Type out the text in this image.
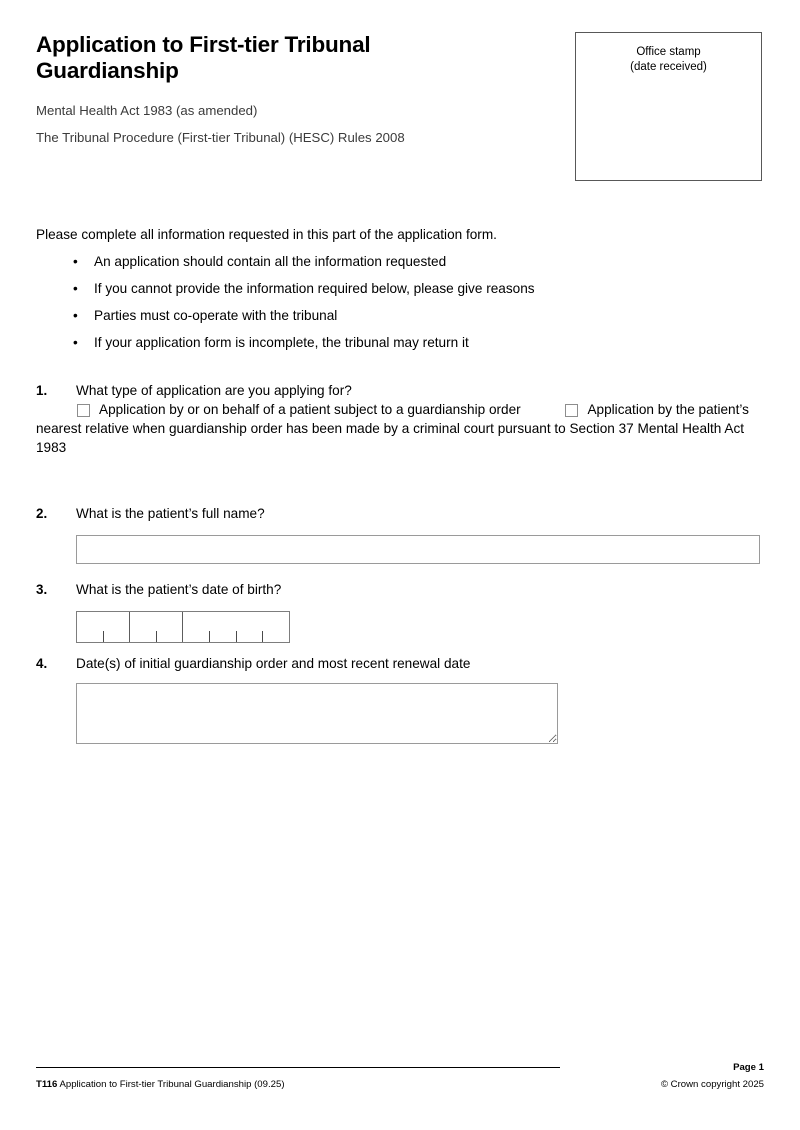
Application to First-tier Tribunal Guardianship

Mental Health Act 1983 (as amended)

The Tribunal Procedure (First-tier Tribunal) (HESC) Rules 2008

Office stamp
(date received)
Please complete all information requested in this part of the application form.
• An application should contain all the information requested
• If you cannot provide the information required below, please give reasons
• Parties must co-operate with the tribunal
• If your application form is incomplete, the tribunal may return it
1.	What type of application are you applying for?
Application by or on behalf of a patient subject to a guardianship order	Application by the patient’s nearest relative when guardianship order has been made by a criminal court pursuant to Section 37 Mental Health Act 1983
2.	What is the patient’s full name?
3.	What is the patient’s date of birth?
4.	Date(s) of initial guardianship order and most recent renewal date
T116 Application to First-tier Tribunal Guardianship (09.25)
Page 1
© Crown copyright 2025
